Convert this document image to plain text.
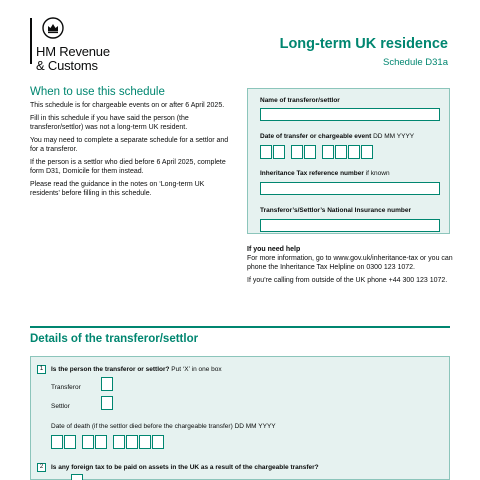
HM Revenue
& Customs
Long-term UK residence
Schedule D31a
When to use this schedule

This schedule is for chargeable events on or after 6 April 2025.

Fill in this schedule if you have said the person (the transferor/settlor) was not a long-term UK resident.

You may need to complete a separate schedule for a settlor and for a transferor.

If the person is a settlor who died before 6 April 2025, complete form D31, Domicile for them instead.

Please read the guidance in the notes on ‘Long-term UK residents’ before filling in this schedule.

Name of transferor/settlor
Date of transfer or chargeable event DD MM YYYY
Inheritance Tax reference number if known
Transferor’s/Settlor’s National Insurance number
If you need help

For more information, go to www.gov.uk/inheritance-tax or you can phone the Inheritance Tax Helpline on 0300 123 1072.

If you’re calling from outside of the UK phone +44 300 123 1072.

Details of the transferor/settlor
1	Is the person the transferor or settlor? Put ‘X’ in one box
Transferor
Settlor
Date of death (if the settlor died before the chargeable transfer) DD MM YYYY
2	Is any foreign tax to be paid on assets in the UK as a result of the chargeable transfer?
